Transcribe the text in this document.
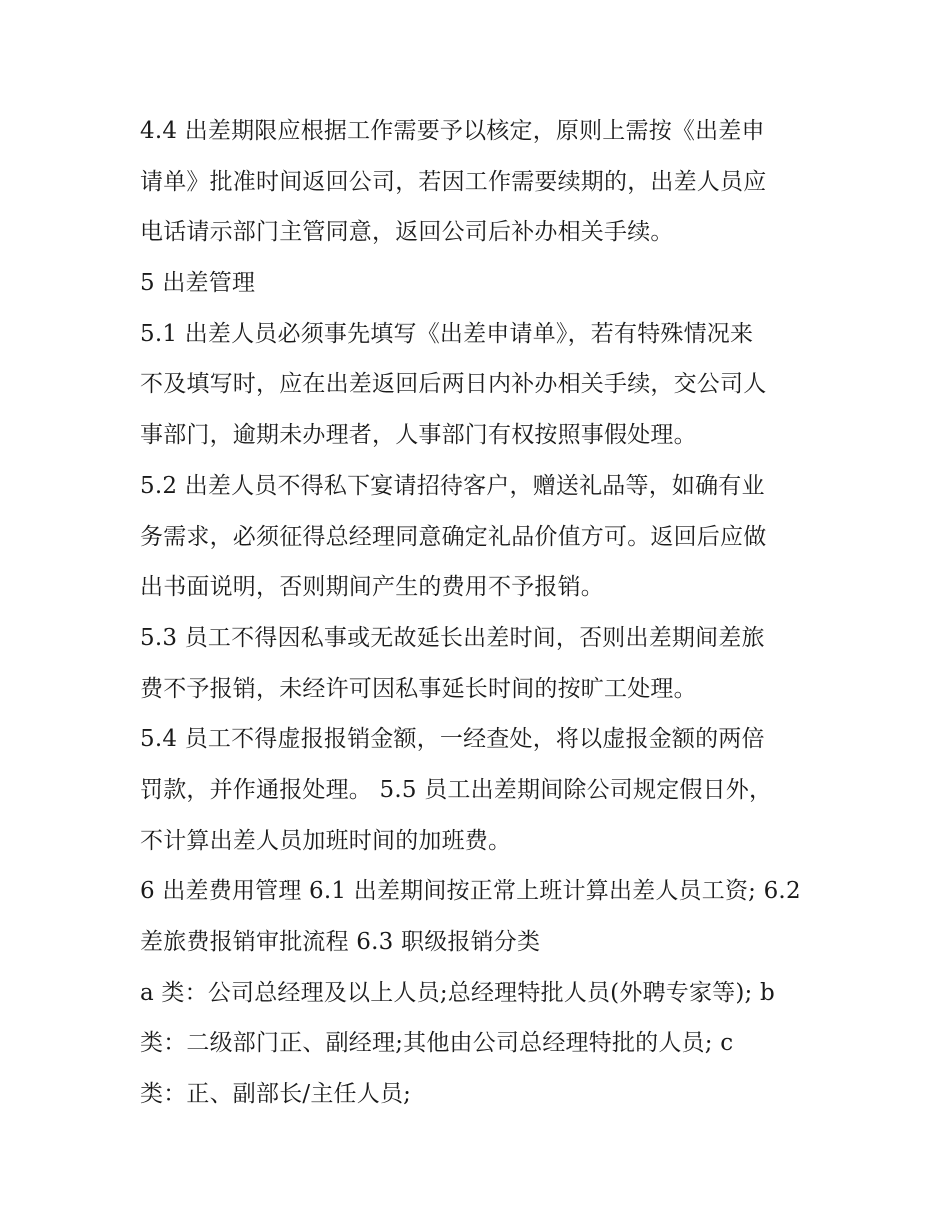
4.4 出差期限应根据工作需要予以核定，原则上需按《出差申
请单》批准时间返回公司，若因工作需要续期的，出差人员应
电话请示部门主管同意，返回公司后补办相关手续。
5 出差管理
5.1 出差人员必须事先填写《出差申请单》，若有特殊情况来
不及填写时，应在出差返回后两日内补办相关手续，交公司人
事部门，逾期未办理者，人事部门有权按照事假处理。
5.2 出差人员不得私下宴请招待客户，赠送礼品等，如确有业
务需求，必须征得总经理同意确定礼品价值方可。返回后应做
出书面说明，否则期间产生的费用不予报销。
5.3 员工不得因私事或无故延长出差时间，否则出差期间差旅
费不予报销，未经许可因私事延长时间的按旷工处理。
5.4 员工不得虚报报销金额，一经查处，将以虚报金额的两倍
罚款，并作通报处理。 5.5 员工出差期间除公司规定假日外，
不计算出差人员加班时间的加班费。
6 出差费用管理 6.1 出差期间按正常上班计算出差人员工资; 6.2
差旅费报销审批流程 6.3 职级报销分类
a 类：公司总经理及以上人员;总经理特批人员(外聘专家等); b
类：二级部门正、副经理;其他由公司总经理特批的人员; c
类：正、副部长/主任人员;
